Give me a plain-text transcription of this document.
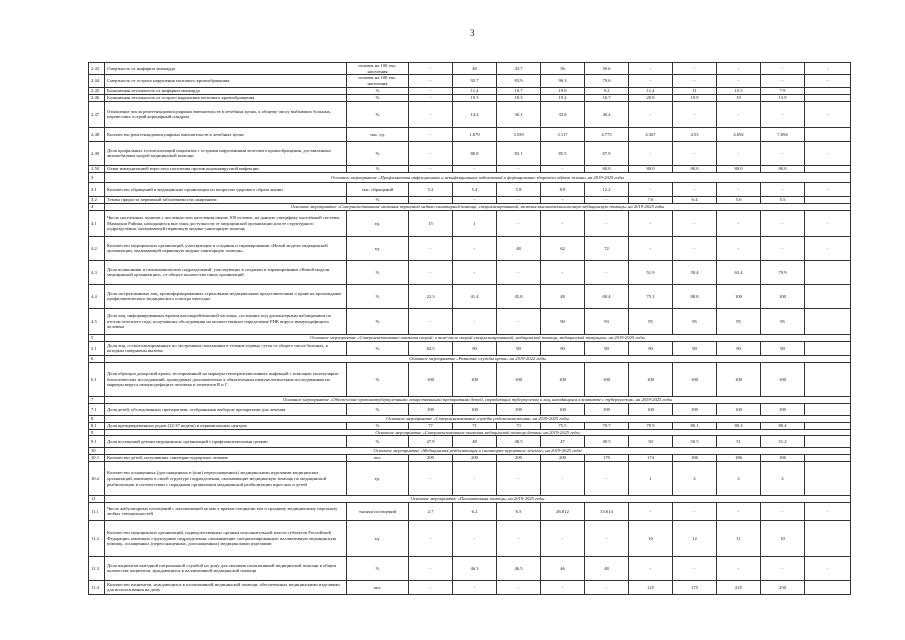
3
2.43	Смертность от инфаркта миокарда	человек на 100 тыс. населения	-	46	43.7	56	39.6	-	-	-	-	-
2.44	Смертность от острого нарушения мозгового кровообращения	человек на 100 тыс. населения	-	92.7	83.9	96.3	79.6	-	-	-	-	-
2.45	Больничная летальность от инфаркта миокарда	%	-	11.4	10.7	19.6	9.2	11.4	11	10.5	7.9	
2.46	Больничная летальность от острого нарушения мозгового кровообращения	%	-	19.5	18.3	19.2	16.7	20.8	19.9	19	13.9	
2.47	Отношение числа рентгенэндоваскулярных вмешательств в лечебных целях, к общему числу выбывших больных, перенесших острый коронарный синдром	%	-	14.2	30.1	33.8	40.4	-	-	-	-	-
2.48	Количество рентгенэндоваскулярных вмешательств в лечебных целях	тыс. ед.	-	1.679	3.559	3.117	4.775	4.367	4.53	4.692	7.094	
2.49	Доля профильных госпитализаций пациентов с острыми нарушениями мозгового кровообращения, доставленных автомобилями скорой медицинской помощи	%	-	80.8	83.1	85.5	87.9	-	-	-	-	-
2.50	Охват иммунизацией взрослого населения против коронавирусной инфекции	%	-	-	-	-	60.0	80.0	80.0	80.0	80.0	
3	Основное мероприятие «Профилактика инфекционных и неинфекционных заболеваний и формирование здорового образа жизни» на 2019-2025 годы											
3.1	Количество обращений в медицинские организации по вопросам здорового образа жизни	тыс. обращений	5.2	5.4	5.8	8.8	12.2	-	-	-	-	-
3.2	Темпы прироста первичной заболеваемости ожирением	%	-	-	-	-	-	7.6	6.4	5.6	5.5	
4	Основное мероприятие «Совершенствование оказания первичной медико-санитарной помощи, специализированной, включая высокотехнологичную медицинскую помощь» на 2019-2025 годы											
4.1	Число населенных пунктов с численностью населения свыше 100 человек, на данную специфику населённой системы Мамадыш Района, находящихся вне зоны доступности от медицинской организации или ее структурного подразделения, оказывающей первичную медико-санитарную помощь	ед.	15	1	-	-	-	-	-	-	-	-
4.2	Количество медицинских организаций, участвующих в создании и тиражировании «Новой модели медицинской организации, оказывающей первичную медико-санитарную помощь»	ед.	-	-	48	62	72	-	-	-	-	-
4.3	Доля поликлиник и поликлинических подразделений, участвующих в создании и тиражировании «Новой модели медицинской организации», от общего количества таких организаций	%	-	-	-	-	-	51.9	59.4	63.4	79.9	
4.4	Доля застрахованных лиц, проинформированных страховыми медицинскими представителями о праве на прохождение профилактического медицинского осмотра ежегодно	%	22.3	41.4	45.8	48	69.4	75.1	88.8	100	100	
4.5	Доля лиц, информированных врачом высокорейтинговой частицы, состоящих под диспансерным наблюдением по итогам отчетного года, получивших обследования на количественное определение РНК вируса иммунодефицита человека	%	-	-	-	90	93	95	95	95	95	
5	Основное мероприятие «Совершенствование оказания скорой, в том числе скорой специализированной, медицинской помощи, медицинской эвакуации» на 2019-2025 годы											
5.1	Доля лиц, госпитализированных по экстренным показаниям в течение первых суток от общего числа больных, к которым совершены вызовы	%	82.5	90	90	90	90	90	90	90	90	
6	Основное мероприятие «Развитие службы крови» на 2019-2022 годы											
6.1	Доля образцов донорской крови, тестированной на маркеры гемотрансмиссивных инфекций с помощью молекулярно-биологических исследований, проводимых дополнительно к обязательным иммунологическим исследованиям на маркеры вируса иммунодефицита человека и гепатитов В и С	%	100	100	100	100	100	100	100	100	100	
7	Основное мероприятие «Обеспечение противотуберкулезными лекарственными препаратами детей, страдающих туберкулезом и лиц, находящихся в контакте с туберкулезом» на 2019-2025 годы											
7.1	Доля детей, обследованных препаратами, отобранными выбором препаратами для лечения	%	100	100	100	100	100	100	100	100	100	
8	Основное мероприятие «Совершенствование службы родовспоможения» на 2019-2025 годы											
8.1	Доля преждевременных родов (22-37 недель) в перинатальных центрах	%	77	71	73	75.5	79.7	79.9	80.1	80.3	80.4	
9	Основное мероприятие «Совершенствование оказания медицинской помощи детям» на 2019-2025 годы											
9.1	Доля посещений детьми медицинских организаций с профилактическими целями	%	47.9	48	48.5	47	49.5	50	50.5	51	51.2	
10	Основное мероприятие «Медицинская реабилитация и санаторно-курортное лечение» на 2019-2025 годы											
10.1	Количество детей, получивших санаторно-курортное лечение	чел.	200	200	200	200	170	174	186	186	186	
10.2	Количество оснащенных (дооснащенных и (или) переоснащенных) медицинскими изделиями медицинских организаций, имеющих в своей структуре подразделения, оказывающие медицинскую помощь по медицинской реабилитации в соответствии с порядками организации медицинской реабилитации взрослых и детей	ед.	-	-	-	-	-	1	2	2	2	
11	Основное мероприятие «Паллиативная помощь» на 2019-2025 годы											
11.1	Число амбулаторных посещений с паллиативной целью к врачам-специалистам и среднему медицинскому персоналу любых специальностей	тысячи посещений	2.7	6.2	6.5	26.812	33.614	-	-	-	-	-
11.2	Количество медицинских организаций, подведомственных органам исполнительной власти субъектов Российской Федерации, имеющих структурные подразделения, оказывающие специализированную паллиативную медицинскую помощь, оснащенных (переоснащенных, дооснащенных) медицинскими изделиями	ед.	-	-	-	-	-	10	12	11	10	
11.3	Доля пациентов выездной патронажной службой на дому для оказания паллиативной медицинской помощи в общем количестве пациентов, нуждающихся в паллиативной медицинской помощи	%	-	46.3	46.5	46	48	-	-	-	-	-
11.4	Количество пациентов, нуждающихся в паллиативной медицинской помощи, обеспеченных медицинскими изделиями для использования на дому	чел.	-	-	-	-	-	125	175	225	250	
